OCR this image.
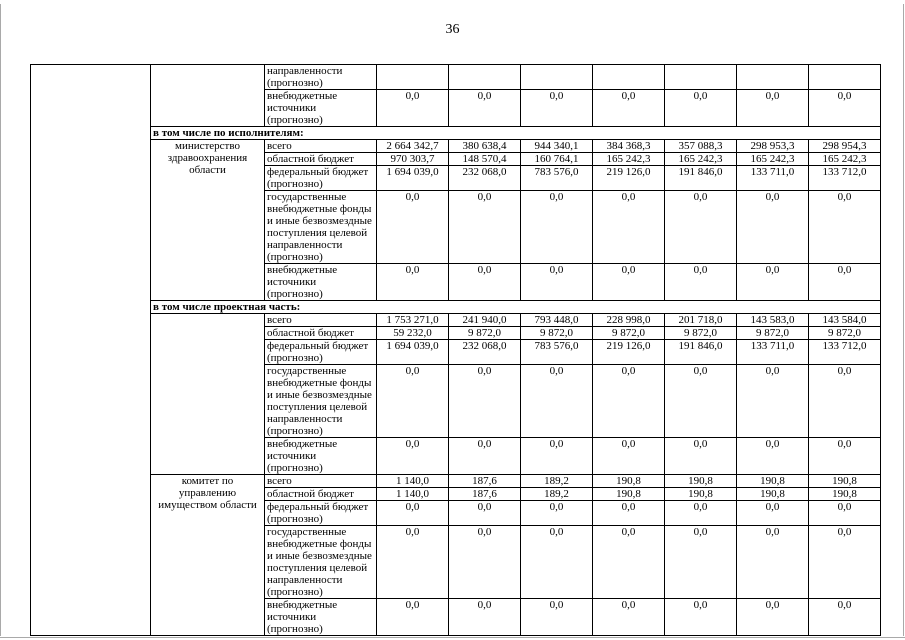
36
		направленности (прогнозно)							
		внебюджетные источники (прогнозно)	0,0	0,0	0,0	0,0	0,0	0,0	0,0
	в том числе по исполнителям:								
	министерство здравоохранения области	всего	2 664 342,7	380 638,4	944 340,1	384 368,3	357 088,3	298 953,3	298 954,3
		областной бюджет	970 303,7	148 570,4	160 764,1	165 242,3	165 242,3	165 242,3	165 242,3
		федеральный бюджет (прогнозно)	1 694 039,0	232 068,0	783 576,0	219 126,0	191 846,0	133 711,0	133 712,0
		государственные внебюджетные фонды и иные безвозмездные поступления целевой направленности (прогнозно)	0,0	0,0	0,0	0,0	0,0	0,0	0,0
		внебюджетные источники (прогнозно)	0,0	0,0	0,0	0,0	0,0	0,0	0,0
	в том числе проектная часть:								
		всего	1 753 271,0	241 940,0	793 448,0	228 998,0	201 718,0	143 583,0	143 584,0
		областной бюджет	59 232,0	9 872,0	9 872,0	9 872,0	9 872,0	9 872,0	9 872,0
		федеральный бюджет (прогнозно)	1 694 039,0	232 068,0	783 576,0	219 126,0	191 846,0	133 711,0	133 712,0
		государственные внебюджетные фонды и иные безвозмездные поступления целевой направленности (прогнозно)	0,0	0,0	0,0	0,0	0,0	0,0	0,0
		внебюджетные источники (прогнозно)	0,0	0,0	0,0	0,0	0,0	0,0	0,0
	комитет по управлению имуществом области	всего	1 140,0	187,6	189,2	190,8	190,8	190,8	190,8
		областной бюджет	1 140,0	187,6	189,2	190,8	190,8	190,8	190,8
		федеральный бюджет (прогнозно)	0,0	0,0	0,0	0,0	0,0	0,0	0,0
		государственные внебюджетные фонды и иные безвозмездные поступления целевой направленности (прогнозно)	0,0	0,0	0,0	0,0	0,0	0,0	0,0
		внебюджетные источники (прогнозно)	0,0	0,0	0,0	0,0	0,0	0,0	0,0
